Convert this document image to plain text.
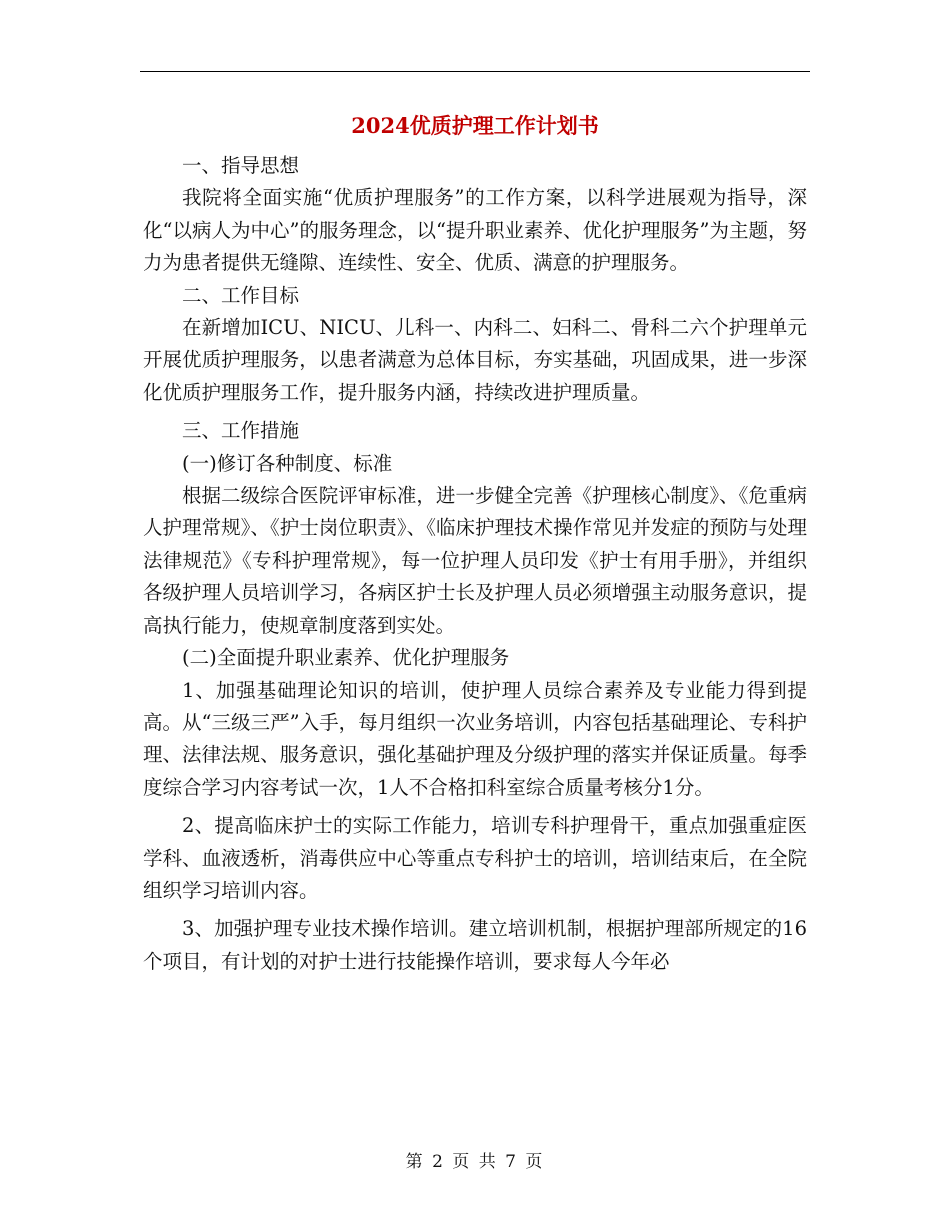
2024优质护理工作计划书

一、指导思想

我院将全面实施“优质护理服务”的工作方案，以科学进展观为指导，深化“以病人为中心”的服务理念，以“提升职业素养、优化护理服务”为主题，努力为患者提供无缝隙、连续性、安全、优质、满意的护理服务。

二、工作目标

在新增加ICU、NICU、儿科一、内科二、妇科二、骨科二六个护理单元开展优质护理服务，以患者满意为总体目标，夯实基础，巩固成果，进一步深化优质护理服务工作，提升服务内涵，持续改进护理质量。

三、工作措施

(一)修订各种制度、标准

根据二级综合医院评审标准，进一步健全完善《护理核心制度》、《危重病人护理常规》、《护士岗位职责》、《临床护理技术操作常见并发症的预防与处理法律规范》《专科护理常规》，每一位护理人员印发《护士有用手册》，并组织各级护理人员培训学习，各病区护士长及护理人员必须增强主动服务意识，提高执行能力，使规章制度落到实处。

(二)全面提升职业素养、优化护理服务

1、加强基础理论知识的培训，使护理人员综合素养及专业能力得到提高。从“三级三严”入手，每月组织一次业务培训，内容包括基础理论、专科护理、法律法规、服务意识，强化基础护理及分级护理的落实并保证质量。每季度综合学习内容考试一次，1人不合格扣科室综合质量考核分1分。

2、提高临床护士的实际工作能力，培训专科护理骨干，重点加强重症医学科、血液透析，消毒供应中心等重点专科护士的培训，培训结束后，在全院组织学习培训内容。

3、加强护理专业技术操作培训。建立培训机制，根据护理部所规定的16个项目，有计划的对护士进行技能操作培训，要求每人今年必

第 2 页 共 7 页
